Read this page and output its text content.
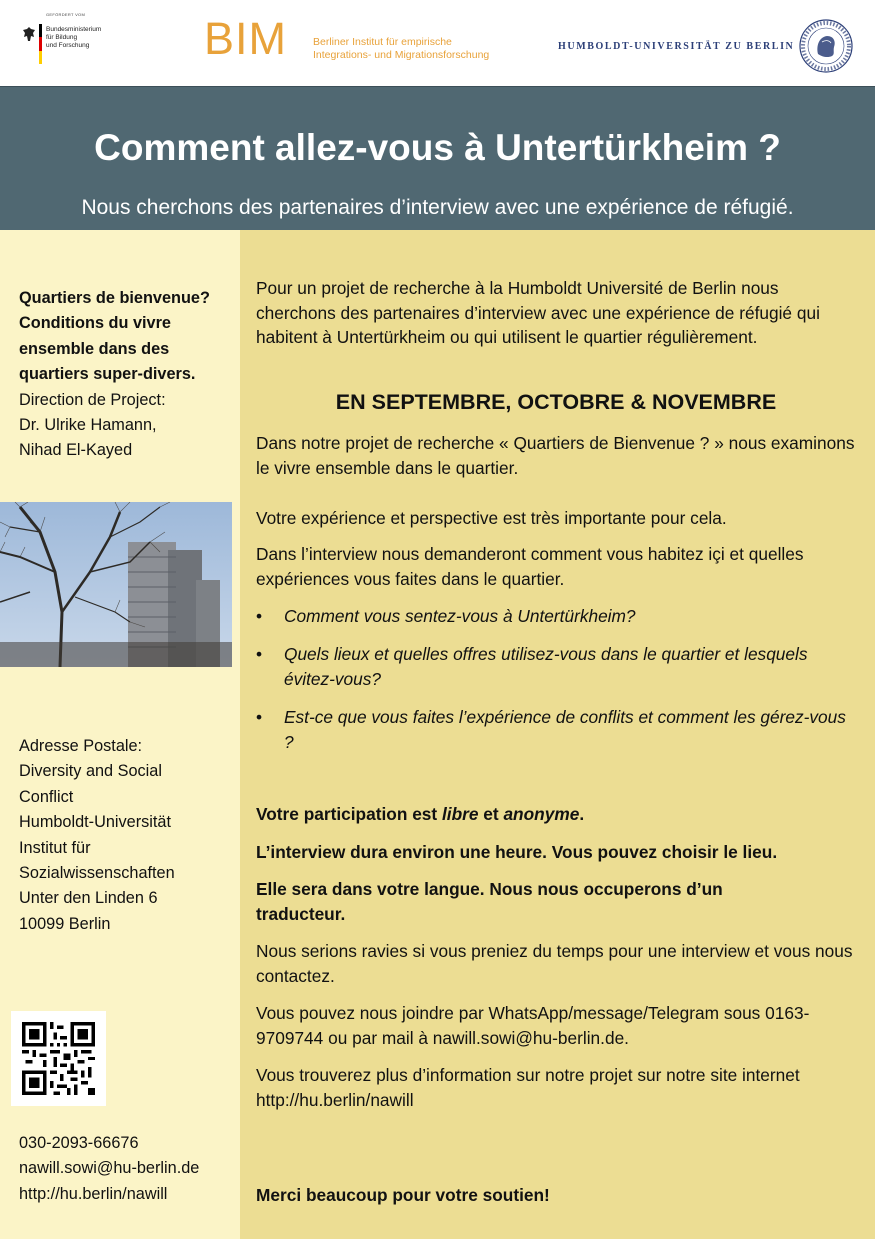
GEFÖRDERT VOM
Bundesministerium
für Bildung
und Forschung	BIM Berliner Institut für empirische
Integrations- und Migrationsforschung
HUMBOLDT-UNIVERSITÄT ZU BERLIN
Comment allez-vous à Untertürkheim ?
Nous cherchons des partenaires d’interview avec une expérience de réfugié.
Quartiers de bienvenue?
Conditions du vivre
ensemble dans des
quartiers super-divers.
Direction de Project:
Dr. Ulrike Hamann,
Nihad El-Kayed
Adresse Postale:
Diversity and Social
Conflict
Humboldt-Universität
Institut für
Sozialwissenschaften
Unter den Linden 6
10099 Berlin
030-2093-66676
nawill.sowi@hu-berlin.de
http://hu.berlin/nawill
Pour un projet de recherche à la Humboldt Université de Berlin nous cherchons des partenaires d’interview avec une expérience de réfugié qui habitent à Untertürkheim ou qui utilisent le quartier régulièrement.
EN SEPTEMBRE, OCTOBRE & NOVEMBRE
Dans notre projet de recherche « Quartiers de Bienvenue ? » nous examinons le vivre ensemble dans le quartier.
Votre expérience et perspective est très importante pour cela.
Dans l’interview nous demanderont comment vous habitez içi et quelles expériences vous faites dans le quartier.
• Comment vous sentez-vous à Untertürkheim?
• Quels lieux et quelles offres utilisez-vous dans le quartier et lesquels évitez-vous?
• Est-ce que vous faites l’expérience de conflits et comment les gérez-vous ?
Votre participation est libre et anonyme.
L’interview dura environ une heure. Vous pouvez choisir le lieu.
Elle sera dans votre langue. Nous nous occuperons d’un traducteur.
Nous serions ravies si vous preniez du temps pour une interview et vous nous contactez.
Vous pouvez nous joindre par WhatsApp/message/Telegram sous 0163-9709744 ou par mail à nawill.sowi@hu-berlin.de.
Vous trouverez plus d’information sur notre projet sur notre site internet http://hu.berlin/nawill
Merci beaucoup pour votre soutien!
